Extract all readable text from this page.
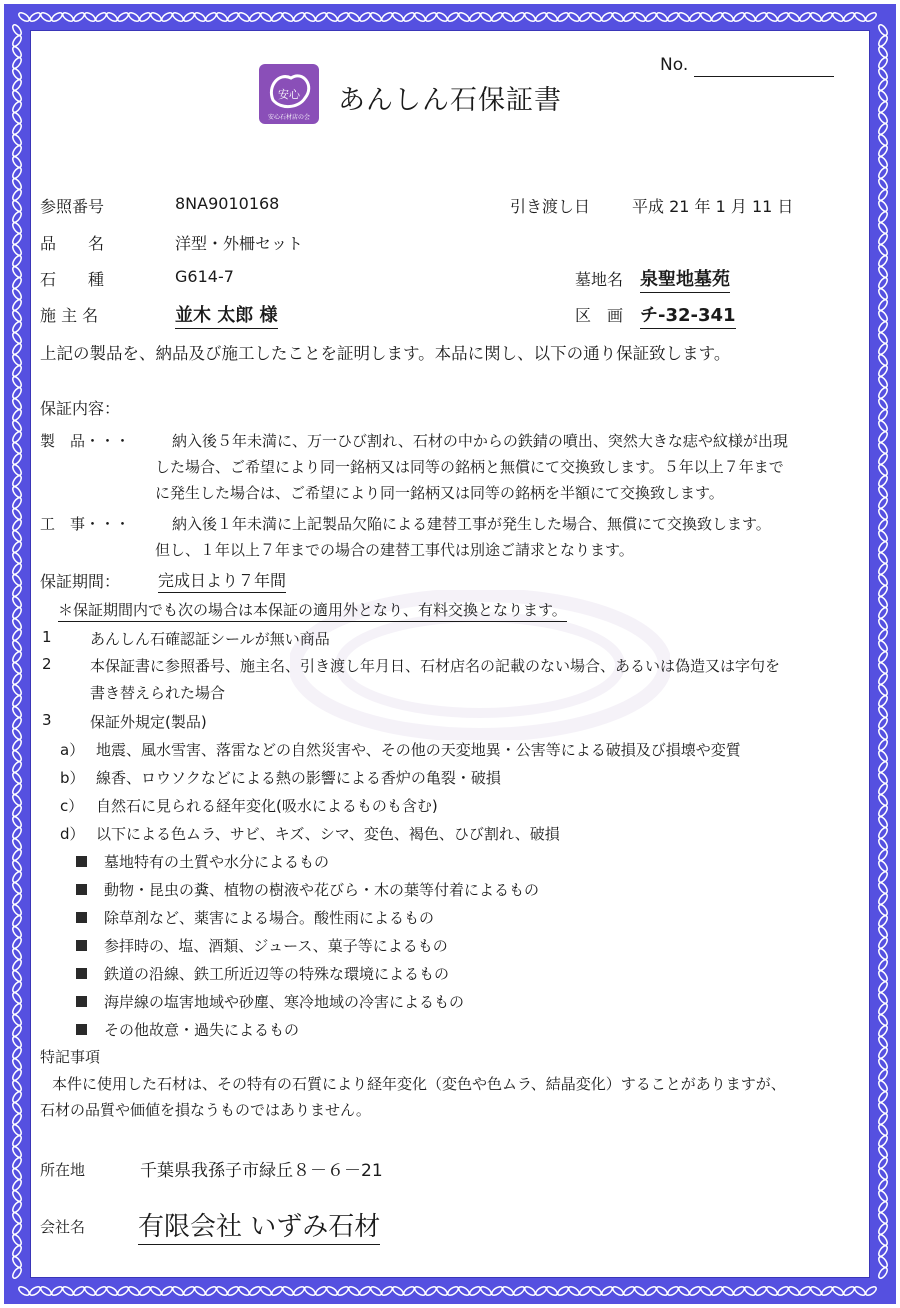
安心
安心石材店の会
あんしん石保証書
No.
参照番号	8NA9010168	引き渡し日	平成 21 年 1 月 11 日
品　　名	洋型・外柵セット
石　　種	G614-7	墓地名 泉聖地墓苑
施 主 名	並木 太郎 様	区　画 チ-32-341
上記の製品を、納品及び施工したことを証明します。本品に関し、以下の通り保証致します。
保証内容：
製　品・・・	納入後５年未満に、万一ひび割れ、石材の中からの鉄錆の噴出、突然大きな痣や紋様が出現
した場合、ご希望により同一銘柄又は同等の銘柄と無償にて交換致します。５年以上７年まで
に発生した場合は、ご希望により同一銘柄又は同等の銘柄を半額にて交換致します。
工　事・・・	納入後１年未満に上記製品欠陥による建替工事が発生した場合、無償にて交換致します。
但し、１年以上７年までの場合の建替工事代は別途ご請求となります。
保証期間： 完成日より７年間
＊保証期間内でも次の場合は本保証の適用外となり、有料交換となります。
1	あんしん石確認証シールが無い商品
2	本保証書に参照番号、施主名、引き渡し年月日、石材店名の記載のない場合、あるいは偽造又は字句を
書き替えられた場合
3	保証外規定(製品)
a） 地震、風水雪害、落雷などの自然災害や、その他の天変地異・公害等による破損及び損壊や変質
b） 線香、ロウソクなどによる熱の影響による香炉の亀裂・破損
c） 自然石に見られる経年変化(吸水によるものも含む)
d） 以下による色ムラ、サビ、キズ、シマ、変色、褐色、ひび割れ、破損
墓地特有の土質や水分によるもの
動物・昆虫の糞、植物の樹液や花びら・木の葉等付着によるもの
除草剤など、薬害による場合。酸性雨によるもの
参拝時の、塩、酒類、ジュース、菓子等によるもの
鉄道の沿線、鉄工所近辺等の特殊な環境によるもの
海岸線の塩害地域や砂塵、寒冷地域の冷害によるもの
その他故意・過失によるもの
特記事項
本件に使用した石材は、その特有の石質により経年変化（変色や色ムラ、結晶変化）することがありますが、
石材の品質や価値を損なうものではありません。
所在地	千葉県我孫子市緑丘８－６－21
会社名 有限会社 いずみ石材
